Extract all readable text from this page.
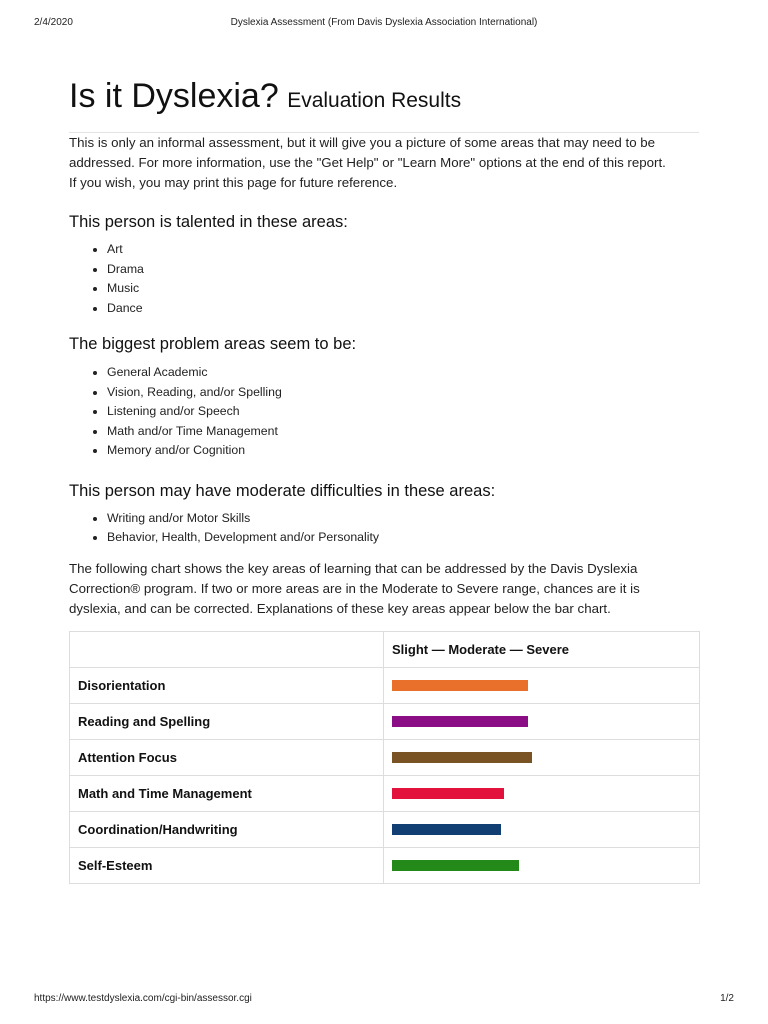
2/4/2020	Dyslexia Assessment (From Davis Dyslexia Association International)
Is it Dyslexia? Evaluation Results

This is only an informal assessment, but it will give you a picture of some areas that may need to be addressed. For more information, use the "Get Help" or "Learn More" options at the end of this report.

If you wish, you may print this page for future reference.

This person is talented in these areas:
• Art
• Drama
• Music
• Dance
The biggest problem areas seem to be:
• General Academic
• Vision, Reading, and/or Spelling
• Listening and/or Speech
• Math and/or Time Management
• Memory and/or Cognition
This person may have moderate difficulties in these areas:
• Writing and/or Motor Skills
• Behavior, Health, Development and/or Personality

The following chart shows the key areas of learning that can be addressed by the Davis Dyslexia Correction® program. If two or more areas are in the Moderate to Severe range, chances are it is dyslexia, and can be corrected. Explanations of these key areas appear below the bar chart.

	Slight — Moderate — Severe
Disorientation	

Reading and Spelling	

Attention Focus	

Math and Time Management	

Coordination/Handwriting	

Self-Esteem	
https://www.testdyslexia.com/cgi-bin/assessor.cgi	1/2
